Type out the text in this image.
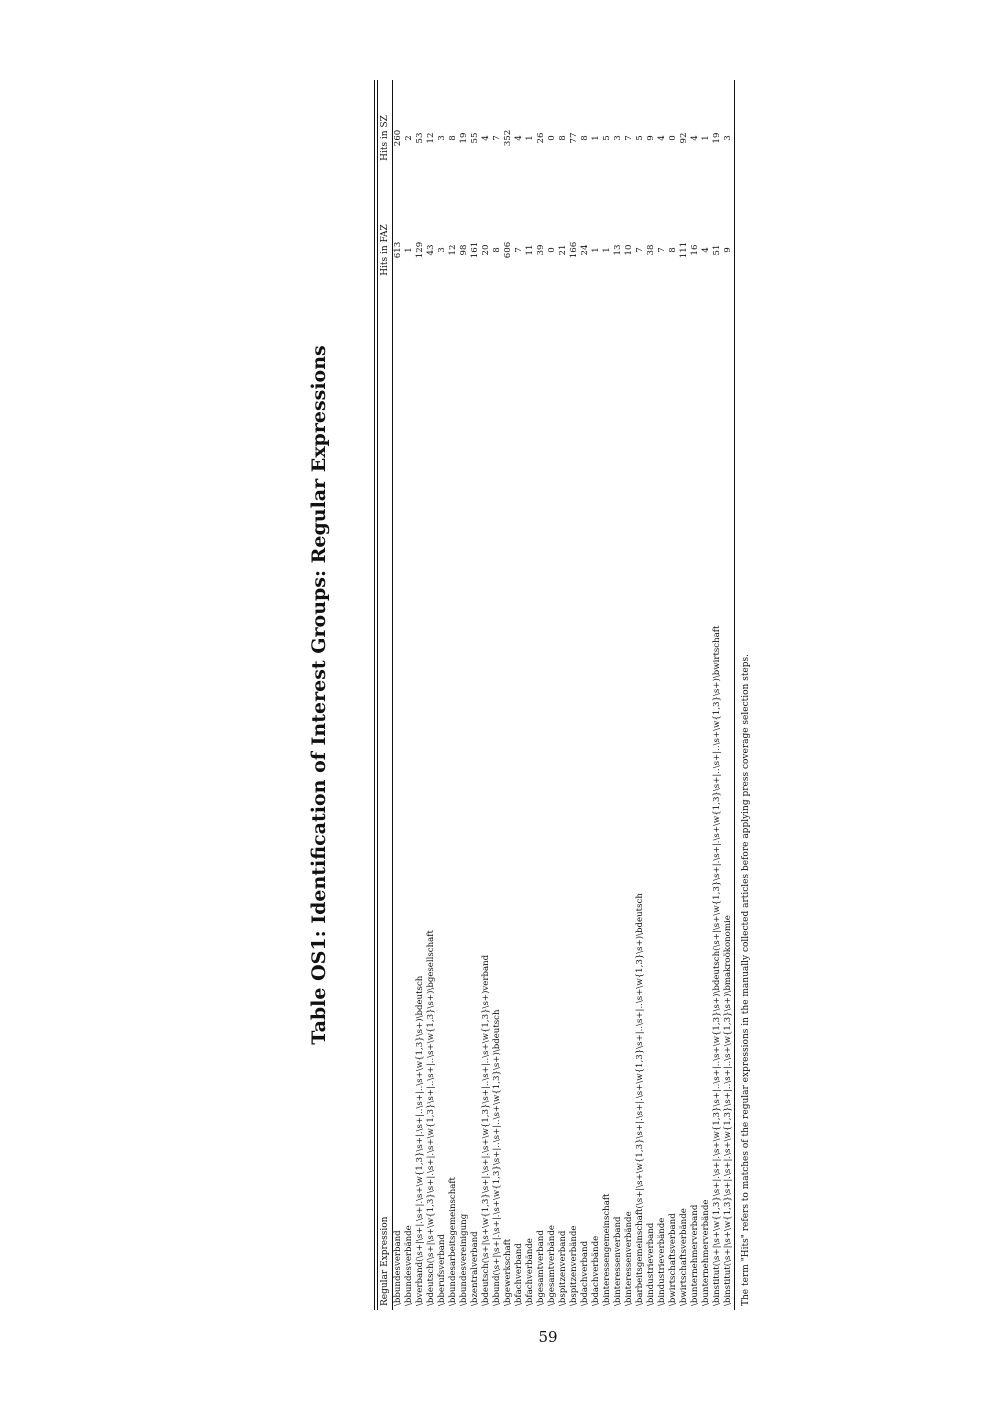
59
Table OS1: Identification of Interest Groups: Regular Expressions
Regular Expression
Hits in FAZ
Hits in SZ
\bbundesverband
613
260
\bbundesverbände
1
2
\bverband(\s+|\s+|.\s+|.\s+\w{1,3}\s+|.\s+|..\s+|..\s+\w{1,3}\s+)\bdeutsch
129
53
\bdeutsch(\s+|\s+\w{1,3}\s+|.\s+|.\s+\w{1,3}\s+|..\s+|..\s+\w{1,3}\s+)\bgesellschaft
43
12
\bberufsverband
3
3
\bbundesarbeitsgemeinschaft
12
8
\bbundesvereinigung
98
19
\bzentralverband
161
55
\bdeutsch(\s+|\s+\w{1,3}\s+|.\s+|.\s+\w{1,3}\s+|..\s+|..\s+\w{1,3}\s+)verband
20
4
\bbund(\s+|\s+|.\s+|.\s+\w{1,3}\s+|..\s+|..\s+\w{1,3}\s+)\bdeutsch
8
7
\bgewerkschaft
606
352
\bfachverband
7
4
\bfachverbände
11
1
\bgesamtverband
39
26
\bgesamtverbände
0
0
\bspitzenverband
21
8
\bspitzenverbände
166
77
\bdachverband
24
8
\bdachverbände
1
1
\binteressengemeinschaft
1
5
\binteressenverband
13
3
\binteressenverbände
10
7
\barbeitsgemeinschaft(\s+|\s+\w{1,3}\s+|.\s+|.\s+\w{1,3}\s+|..\s+|..\s+\w{1,3}\s+)\bdeutsch
7
5
\bindustrieverband
38
9
\bindustrieverbände
7
4
\bwirtschaftsverband
8
0
\bwirtschaftsverbände
111
92
\bunternehmerverband
16
4
\bunternehmerverbände
4
1
\binstitut(\s+|\s+\w{1,3}\s+|.\s+|.\s+\w{1,3}\s+|..\s+|..\s+\w{1,3}\s+)\bdeutsch(\s+|\s+\w{1,3}\s+|.\s+|.\s+\w{1,3}\s+|..\s+|..\s+\w{1,3}\s+)\bwirtschaft
51
19
\binstitut(\s+|\s+\w{1,3}\s+|.\s+|.\s+\w{1,3}\s+|..\s+|..\s+\w{1,3}\s+)\bmakroökonomie
9
3
The term "Hits" refers to matches of the regular expressions in the manually collected articles before applying press coverage selection steps.
